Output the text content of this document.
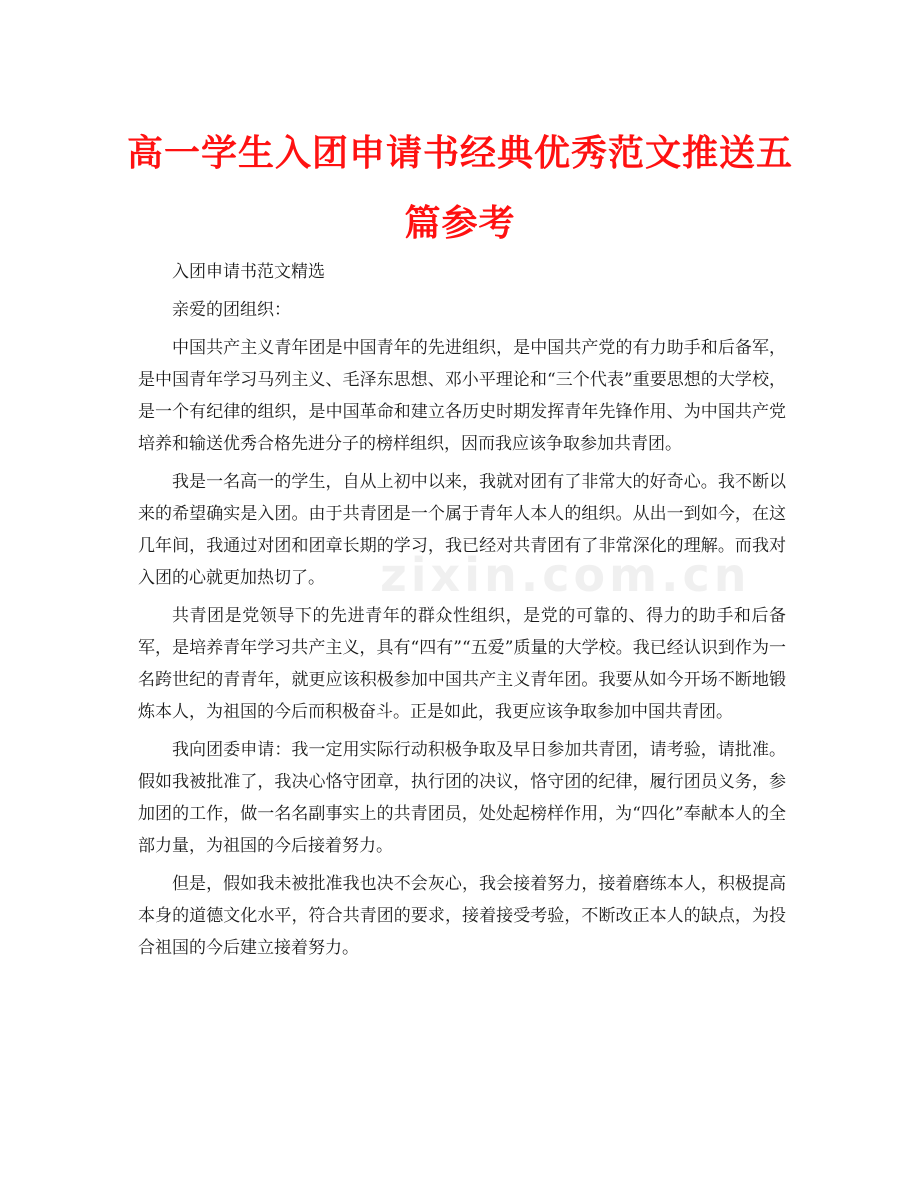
高一学生入团申请书经典优秀范文推送五篇参考
zixin.com.cn

入团申请书范文精选

亲爱的团组织：

中国共产主义青年团是中国青年的先进组织，是中国共产党的有力助手和后备军，是中国青年学习马列主义、毛泽东思想、邓小平理论和“三个代表”重要思想的大学校，是一个有纪律的组织，是中国革命和建立各历史时期发挥青年先锋作用、为中国共产党培养和输送优秀合格先进分子的榜样组织，因而我应该争取参加共青团。

我是一名高一的学生，自从上初中以来，我就对团有了非常大的好奇心。我不断以来的希望确实是入团。由于共青团是一个属于青年人本人的组织。从出一到如今，在这几年间，我通过对团和团章长期的学习，我已经对共青团有了非常深化的理解。而我对入团的心就更加热切了。

共青团是党领导下的先进青年的群众性组织，是党的可靠的、得力的助手和后备军，是培养青年学习共产主义，具有“四有”“五爱”质量的大学校。我已经认识到作为一名跨世纪的青青年，就更应该积极参加中国共产主义青年团。我要从如今开场不断地锻炼本人，为祖国的今后而积极奋斗。正是如此，我更应该争取参加中国共青团。

我向团委申请：我一定用实际行动积极争取及早日参加共青团，请考验，请批准。假如我被批准了，我决心恪守团章，执行团的决议，恪守团的纪律，履行团员义务，参加团的工作，做一名名副事实上的共青团员，处处起榜样作用，为“四化”奉献本人的全部力量，为祖国的今后接着努力。

但是，假如我未被批准我也决不会灰心，我会接着努力，接着磨练本人，积极提高本身的道德文化水平，符合共青团的要求，接着接受考验，不断改正本人的缺点，为投合祖国的今后建立接着努力。
